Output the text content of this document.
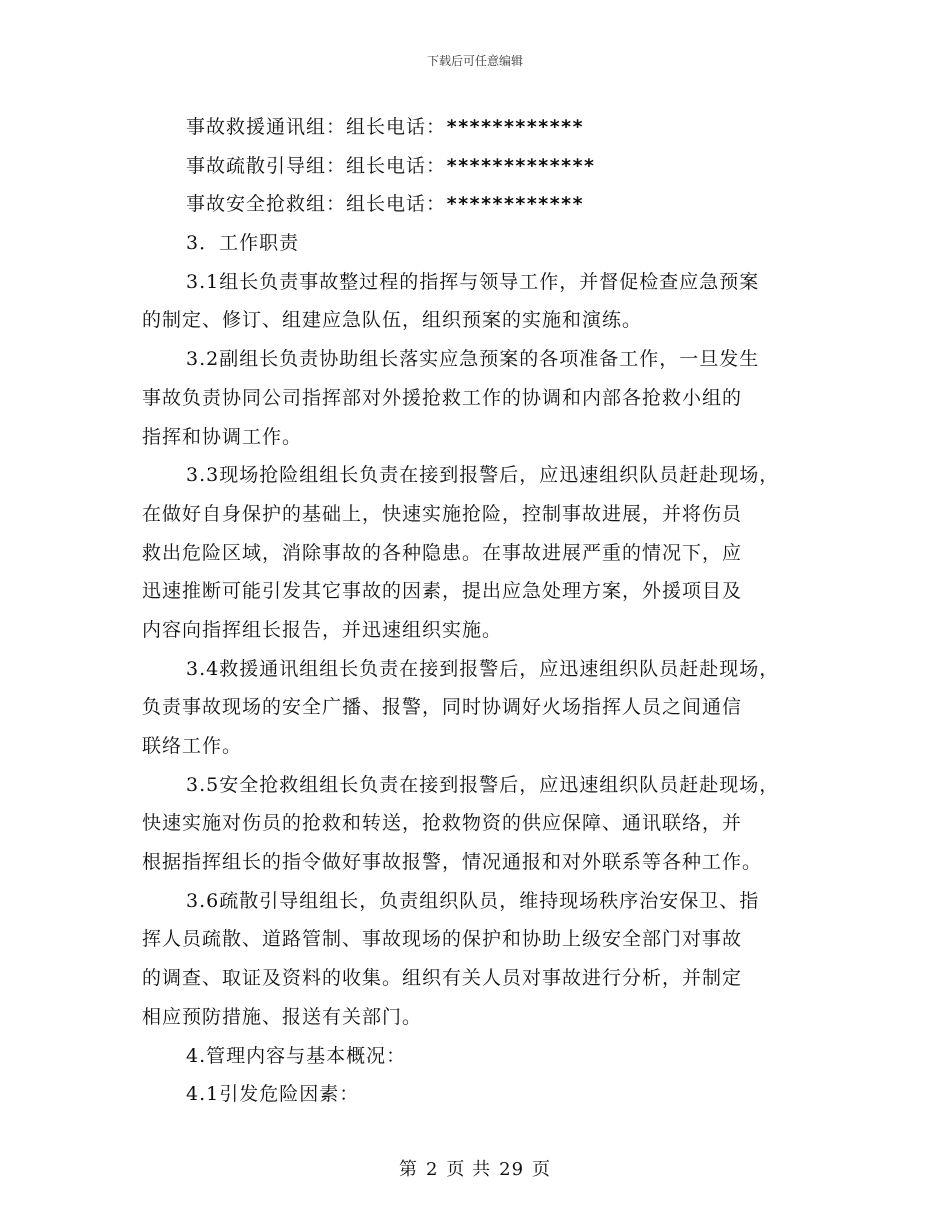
下载后可任意编辑
事故救援通讯组：组长电话：************
事故疏散引导组：组长电话：*************
事故安全抢救组：组长电话：************
3．工作职责
3.1组长负责事故整过程的指挥与领导工作，并督促检查应急预案
的制定、修订、组建应急队伍，组织预案的实施和演练。
3.2副组长负责协助组长落实应急预案的各项准备工作，一旦发生
事故负责协同公司指挥部对外援抢救工作的协调和内部各抢救小组的
指挥和协调工作。
3.3现场抢险组组长负责在接到报警后，应迅速组织队员赶赴现场，
在做好自身保护的基础上，快速实施抢险，控制事故进展，并将伤员
救出危险区域，消除事故的各种隐患。在事故进展严重的情况下，应
迅速推断可能引发其它事故的因素，提出应急处理方案，外援项目及
内容向指挥组长报告，并迅速组织实施。
3.4救援通讯组组长负责在接到报警后，应迅速组织队员赶赴现场，
负责事故现场的安全广播、报警，同时协调好火场指挥人员之间通信
联络工作。
3.5安全抢救组组长负责在接到报警后，应迅速组织队员赶赴现场，
快速实施对伤员的抢救和转送，抢救物资的供应保障、通讯联络，并
根据指挥组长的指令做好事故报警，情况通报和对外联系等各种工作。
3.6疏散引导组组长，负责组织队员，维持现场秩序治安保卫、指
挥人员疏散、道路管制、事故现场的保护和协助上级安全部门对事故
的调查、取证及资料的收集。组织有关人员对事故进行分析，并制定
相应预防措施、报送有关部门。
4.管理内容与基本概况：
4.1引发危险因素：
第 2 页 共 29 页
